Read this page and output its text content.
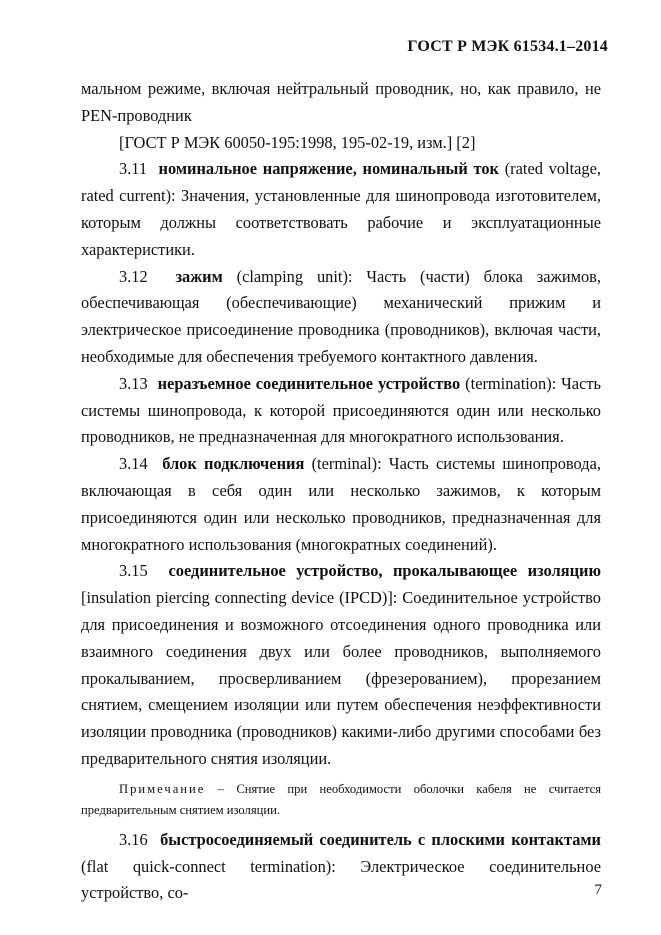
ГОСТ Р МЭК 61534.1–2014

мальном режиме, включая нейтральный проводник, но, как правило, не PEN-проводник

[ГОСТ Р МЭК 60050-195:1998, 195-02-19, изм.] [2]

3.11 номинальное напряжение, номинальный ток (rated voltage, rated current): Значения, установленные для шинопровода изготовителем, которым должны соответствовать рабочие и эксплуатационные характеристики.

3.12 зажим (clamping unit): Часть (части) блока зажимов, обеспечивающая (обеспечивающие) механический прижим и электрическое присоединение проводника (проводников), включая части, необходимые для обеспечения требуемого контактного давления.

3.13 неразъемное соединительное устройство (termination): Часть системы шинопровода, к которой присоединяются один или несколько проводников, не предназначенная для многократного использования.

3.14 блок подключения (terminal): Часть системы шинопровода, включающая в себя один или несколько зажимов, к которым присоединяются один или несколько проводников, предназначенная для многократного использования (многократных соединений).

3.15 соединительное устройство, прокалывающее изоляцию [insulation piercing connecting device (IPCD)]: Соединительное устройство для присоединения и возможного отсоединения одного проводника или взаимного соединения двух или более проводников, выполняемого прокалыванием, просверливанием (фрезерованием), прорезанием снятием, смещением изоляции или путем обеспечения неэффективности изоляции проводника (проводников) какими-либо другими способами без предварительного снятия изоляции.

Примечание – Снятие при необходимости оболочки кабеля не считается предварительным снятием изоляции.

3.16 быстросоединяемый соединитель с плоскими контактами (flat quick-connect termination): Электрическое соединительное устройство, со-	7
